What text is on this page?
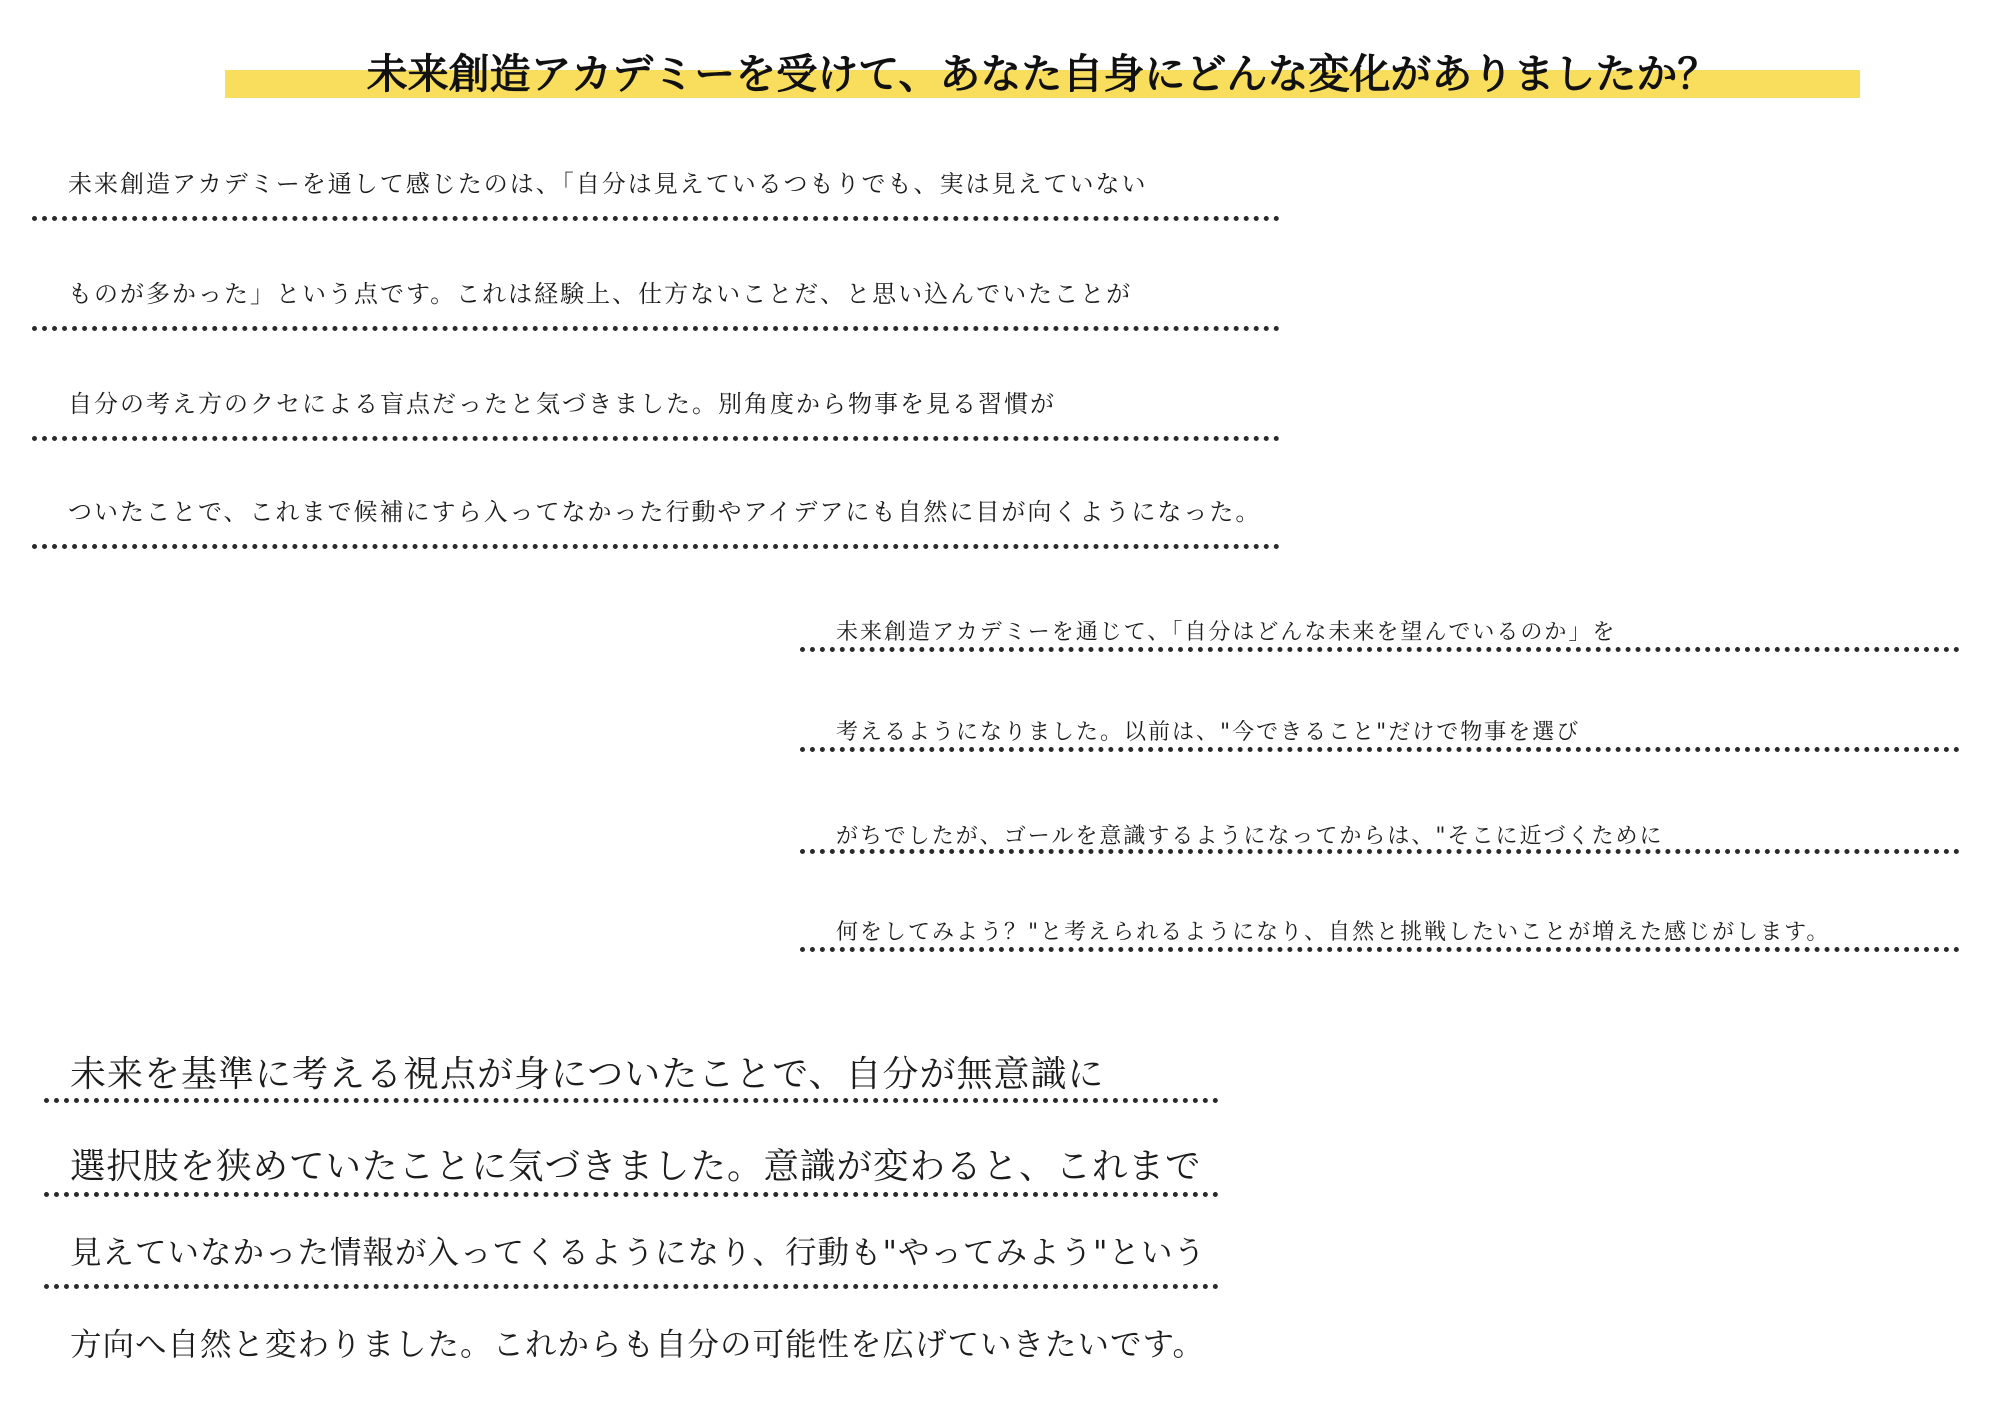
未来創造アカデミーを受けて、あなた自身にどんな変化がありましたか？
未来創造アカデミーを通して感じたのは、「自分は見えているつもりでも、実は見えていない
ものが多かった」という点です。これは経験上、仕方ないことだ、と思い込んでいたことが
自分の考え方のクセによる盲点だったと気づきました。別角度から物事を見る習慣が
ついたことで、これまで候補にすら入ってなかった行動やアイデアにも自然に目が向くようになった。
未来創造アカデミーを通じて、「自分はどんな未来を望んでいるのか」を
考えるようになりました。以前は、"今できること"だけで物事を選び
がちでしたが、ゴールを意識するようになってからは、"そこに近づくために
何をしてみよう？"と考えられるようになり、自然と挑戦したいことが増えた感じがします。
未来を基準に考える視点が身についたことで、自分が無意識に
選択肢を狭めていたことに気づきました。意識が変わると、これまで
見えていなかった情報が入ってくるようになり、行動も"やってみよう"という
方向へ自然と変わりました。これからも自分の可能性を広げていきたいです。
